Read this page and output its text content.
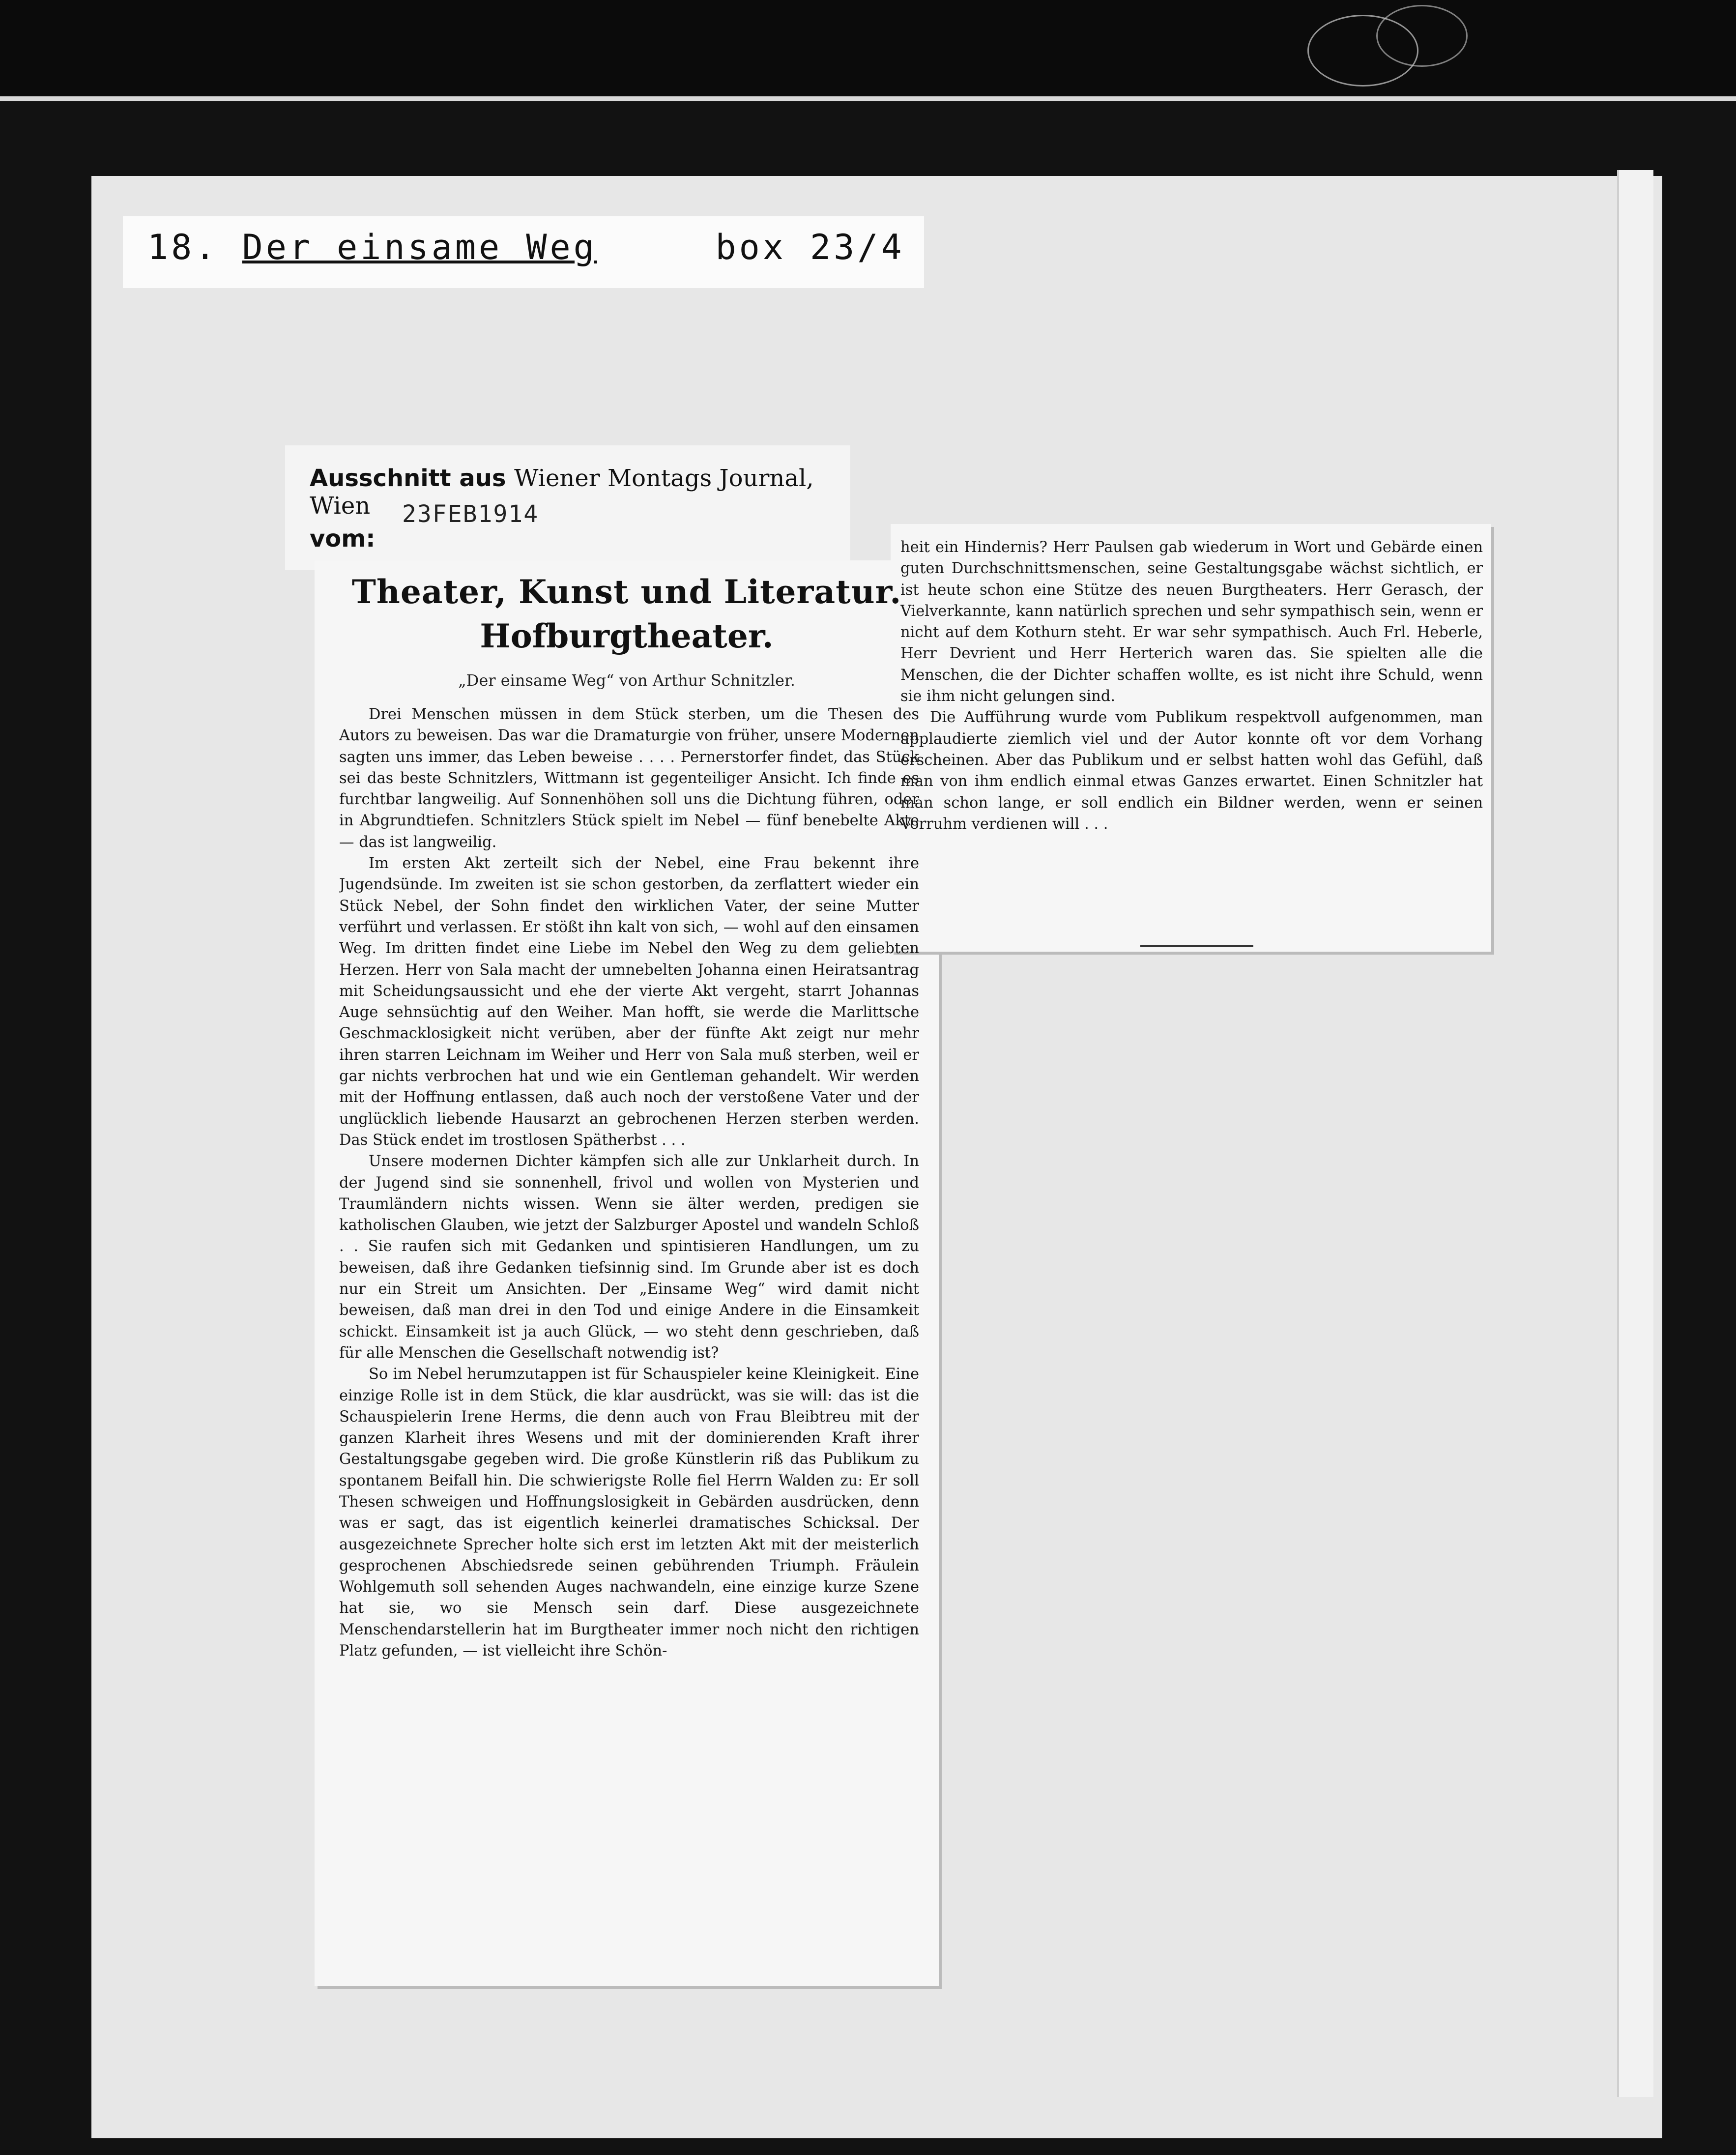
18. Der einsame Weg	box 23/4
Ausschnitt aus Wiener Montags Journal, Wien	23FEB1914
vom:
Theater, Kunst und Literatur.
Hofburgtheater.
„Der einsame Weg“ von Arthur Schnitzler.

Drei Menschen müssen in dem Stück sterben, um die Thesen des Autors zu beweisen. Das war die Dramaturgie von früher, unsere Modernen sagten uns immer, das Leben beweise . . . . Pernerstorfer findet, das Stück sei das beste Schnitzlers, Wittmann ist gegenteiliger Ansicht. Ich finde es furchtbar langweilig. Auf Sonnenhöhen soll uns die Dichtung führen, oder in Abgrundtiefen. Schnitzlers Stück spielt im Nebel — fünf benebelte Akte — das ist langweilig.

Im ersten Akt zerteilt sich der Nebel, eine Frau bekennt ihre Jugendsünde. Im zweiten ist sie schon gestorben, da zerflattert wieder ein Stück Nebel, der Sohn findet den wirklichen Vater, der seine Mutter verführt und verlassen. Er stößt ihn kalt von sich, — wohl auf den einsamen Weg. Im dritten findet eine Liebe im Nebel den Weg zu dem geliebten Herzen. Herr von Sala macht der umnebelten Johanna einen Heiratsantrag mit Scheidungsaussicht und ehe der vierte Akt vergeht, starrt Johannas Auge sehnsüchtig auf den Weiher. Man hofft, sie werde die Marlittsche Geschmacklosigkeit nicht verüben, aber der fünfte Akt zeigt nur mehr ihren starren Leichnam im Weiher und Herr von Sala muß sterben, weil er gar nichts verbrochen hat und wie ein Gentleman gehandelt. Wir werden mit der Hoffnung entlassen, daß auch noch der verstoßene Vater und der unglücklich liebende Hausarzt an gebrochenen Herzen sterben werden. Das Stück endet im trostlosen Spätherbst . . .

Unsere modernen Dichter kämpfen sich alle zur Unklarheit durch. In der Jugend sind sie sonnenhell, frivol und wollen von Mysterien und Traumländern nichts wissen. Wenn sie älter werden, predigen sie katholischen Glauben, wie jetzt der Salzburger Apostel und wandeln Schloß . . Sie raufen sich mit Gedanken und spintisieren Handlungen, um zu beweisen, daß ihre Gedanken tiefsinnig sind. Im Grunde aber ist es doch nur ein Streit um Ansichten. Der „Einsame Weg“ wird damit nicht beweisen, daß man drei in den Tod und einige Andere in die Einsamkeit schickt. Einsamkeit ist ja auch Glück, — wo steht denn geschrieben, daß für alle Menschen die Gesellschaft notwendig ist?

So im Nebel herumzutappen ist für Schauspieler keine Kleinigkeit. Eine einzige Rolle ist in dem Stück, die klar ausdrückt, was sie will: das ist die Schauspielerin Irene Herms, die denn auch von Frau Bleibtreu mit der ganzen Klarheit ihres Wesens und mit der dominierenden Kraft ihrer Gestaltungsgabe gegeben wird. Die große Künstlerin riß das Publikum zu spontanem Beifall hin. Die schwierigste Rolle fiel Herrn Walden zu: Er soll Thesen schweigen und Hoffnungslosigkeit in Gebärden ausdrücken, denn was er sagt, das ist eigentlich keinerlei dramatisches Schicksal. Der ausgezeichnete Sprecher holte sich erst im letzten Akt mit der meisterlich gesprochenen Abschiedsrede seinen gebührenden Triumph. Fräulein Wohlgemuth soll sehenden Auges nachwandeln, eine einzige kurze Szene hat sie, wo sie Mensch sein darf. Diese ausgezeichnete Menschendarstellerin hat im Burgtheater immer noch nicht den richtigen Platz gefunden, — ist vielleicht ihre Schön-

heit ein Hindernis? Herr Paulsen gab wiederum in Wort und Gebärde einen guten Durchschnittsmenschen, seine Gestaltungsgabe wächst sichtlich, er ist heute schon eine Stütze des neuen Burgtheaters. Herr Gerasch, der Vielverkannte, kann natürlich sprechen und sehr sympathisch sein, wenn er nicht auf dem Kothurn steht. Er war sehr sympathisch. Auch Frl. Heberle, Herr Devrient und Herr Herterich waren das. Sie spielten alle die Menschen, die der Dichter schaffen wollte, es ist nicht ihre Schuld, wenn sie ihm nicht gelungen sind.

Die Aufführung wurde vom Publikum respektvoll aufgenommen, man applaudierte ziemlich viel und der Autor konnte oft vor dem Vorhang erscheinen. Aber das Publikum und er selbst hatten wohl das Gefühl, daß man von ihm endlich einmal etwas Ganzes erwartet. Einen Schnitzler hat man schon lange, er soll endlich ein Bildner werden, wenn er seinen Vorruhm verdienen will . . .
